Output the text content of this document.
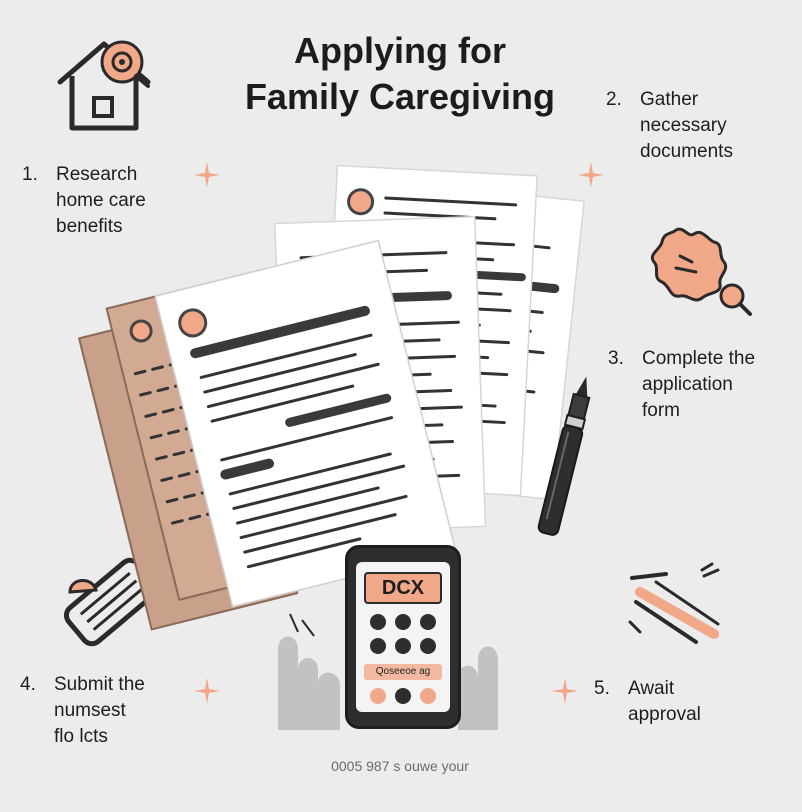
Applying for
Family Caregiving
1. Research
home care
benefits
2. Gather
necessary
documents
3. Complete the
application
form
4. Submit the
numsest
flo lcts
5. Await
approval
DCX
Qoseeoe ag
0005 987 s ouwe your
